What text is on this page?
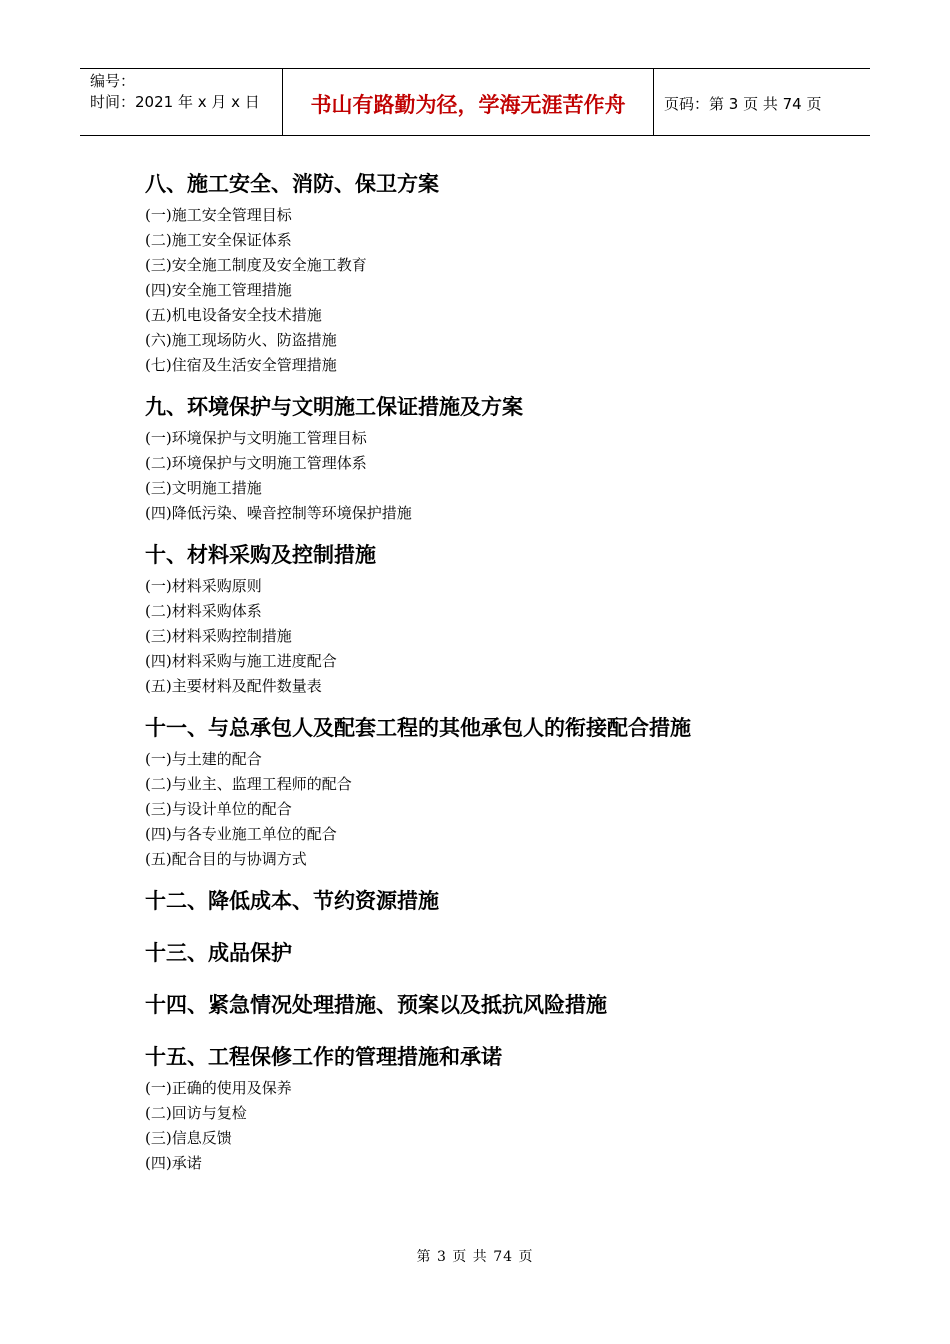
编号：
时间：2021 年 x 月 x 日	书山有路勤为径，学海无涯苦作舟	页码：第 3 页 共 74 页
八、施工安全、消防、保卫方案
(一)施工安全管理目标
(二)施工安全保证体系
(三)安全施工制度及安全施工教育
(四)安全施工管理措施
(五)机电设备安全技术措施
(六)施工现场防火、防盗措施
(七)住宿及生活安全管理措施
九、环境保护与文明施工保证措施及方案
(一)环境保护与文明施工管理目标
(二)环境保护与文明施工管理体系
(三)文明施工措施
(四)降低污染、噪音控制等环境保护措施
十、材料采购及控制措施
(一)材料采购原则
(二)材料采购体系
(三)材料采购控制措施
(四)材料采购与施工进度配合
(五)主要材料及配件数量表
十一、与总承包人及配套工程的其他承包人的衔接配合措施
(一)与土建的配合
(二)与业主、监理工程师的配合
(三)与设计单位的配合
(四)与各专业施工单位的配合
(五)配合目的与协调方式
十二、降低成本、节约资源措施
十三、成品保护
十四、紧急情况处理措施、预案以及抵抗风险措施
十五、工程保修工作的管理措施和承诺
(一)正确的使用及保养
(二)回访与复检
(三)信息反馈
(四)承诺
第 3 页 共 74 页
